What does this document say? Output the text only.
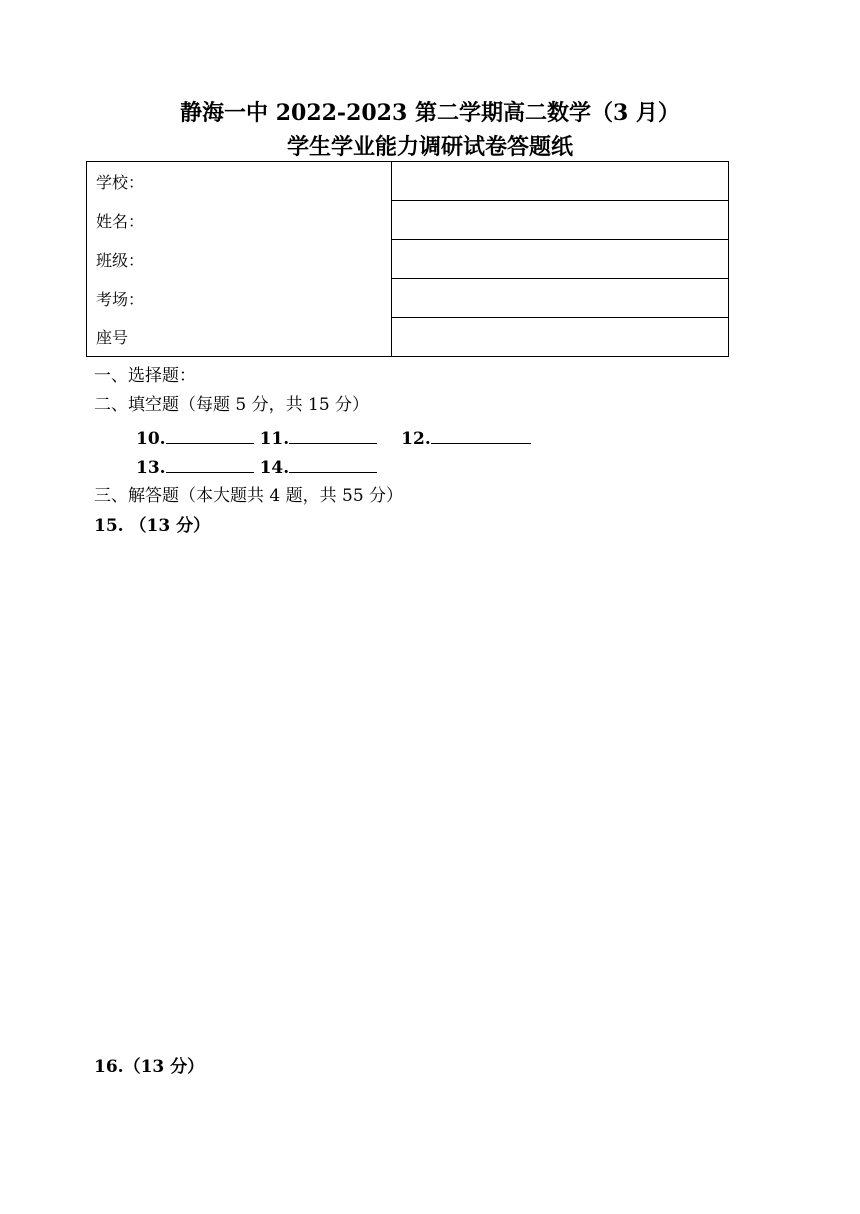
静海一中 2022-2023 第二学期高二数学（3 月）
学生学业能力调研试卷答题纸
学校：	
姓名：	
班级：	
考场：	
座号	
一、选择题：
二、填空题（每题 5 分，共 15 分）
10.	11.	12.
13.	14.
三、解答题（本大题共 4 题，共 55 分）
15. （13 分）
16.（13 分）
